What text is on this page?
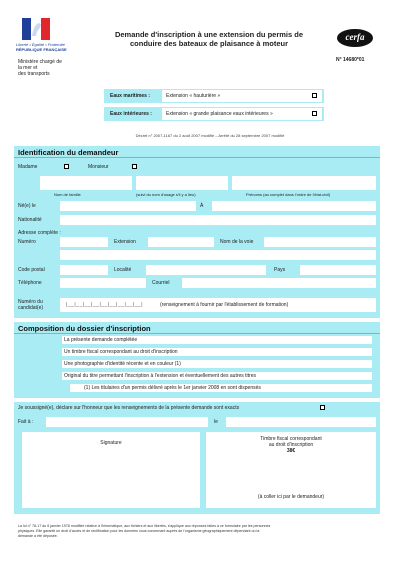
Liberté • Égalité • Fraternité
RÉPUBLIQUE FRANÇAISE
Ministère chargé de
la mer et
des transports
Demande d'inscription à une extension du permis de
conduire des bateaux de plaisance à moteur
cerfa
N° 14680*01
Eaux maritimes :	Extension « hauturière »
Eaux intérieures :	Extension « grande plaisance eaux intérieures »
Décret n° 2007-1167 du 2 août 2007 modifié – Arrêté du 28 septembre 2007 modifié
Identification du demandeur
Madame	Monsieur
Nom de famille	(suivi du nom d'usage s'il y a lieu)	Prénoms (au complet dans l'ordre de l'état-civil)
Né(e) le	À
Nationalité
Adresse complète :
Numéro	Extension	Nom de la voie
Code postal	Localité	Pays
Téléphone	Courriel
Numéro du
candidat(e)	|__|__|__|__|__|__|__|__|__|	(renseignement à fournir par l'établissement de formation)
Composition du dossier d'inscription
La présente demande complétée
Un timbre fiscal correspondant au droit d'inscription
Une photographie d'identité récente et en couleur (1)
Original du titre permettant l'inscription à l'extension et éventuellement des autres titres
(1) Les titulaires d'un permis délivré après le 1er janvier 2008 en sont dispensés
Je soussigné(e), déclare sur l'honneur que les renseignements de la présente demande sont exacts
Fait à :	le
Signature
Timbre fiscal correspondant
au droit d'inscription
38€
(à coller ici par le demandeur)
La loi n° 78-17 du 6 janvier 1978 modifiée relative à l'informatique, aux fichiers et aux libertés, s'applique aux réponses faites à ce formulaire par les personnes
physiques. Elle garantit un droit d'accès et de rectification pour les données vous concernant auprès de l'organisme géographiquement dépendant où la
demande a été déposée.
